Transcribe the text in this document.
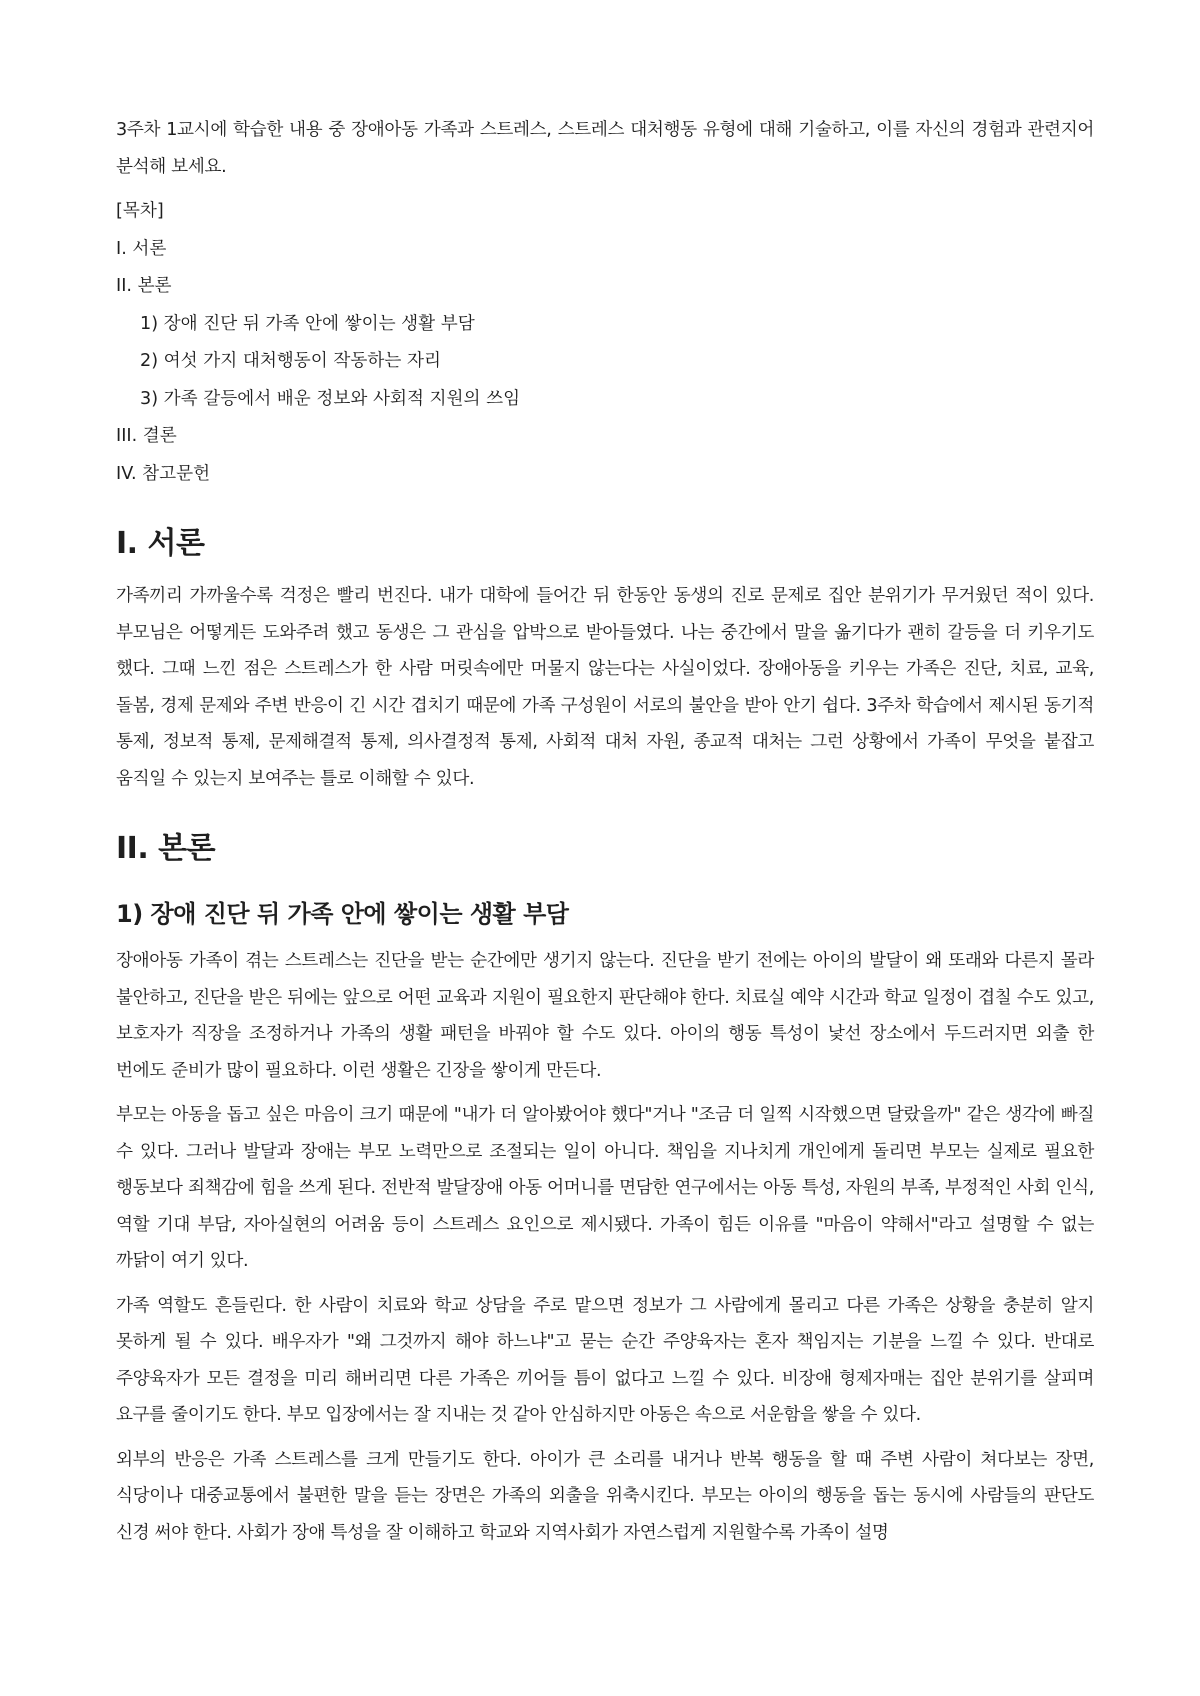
3주차 1교시에 학습한 내용 중 장애아동 가족과 스트레스, 스트레스 대처행동 유형에 대해 기술하고, 이를 자신의 경험과 관련지어 분석해 보세요.

[목차]
I. 서론
II. 본론
1) 장애 진단 뒤 가족 안에 쌓이는 생활 부담
2) 여섯 가지 대처행동이 작동하는 자리
3) 가족 갈등에서 배운 정보와 사회적 지원의 쓰임
III. 결론
IV. 참고문헌
I. 서론

가족끼리 가까울수록 걱정은 빨리 번진다. 내가 대학에 들어간 뒤 한동안 동생의 진로 문제로 집안 분위기가 무거웠던 적이 있다. 부모님은 어떻게든 도와주려 했고 동생은 그 관심을 압박으로 받아들였다. 나는 중간에서 말을 옮기다가 괜히 갈등을 더 키우기도 했다. 그때 느낀 점은 스트레스가 한 사람 머릿속에만 머물지 않는다는 사실이었다. 장애아동을 키우는 가족은 진단, 치료, 교육, 돌봄, 경제 문제와 주변 반응이 긴 시간 겹치기 때문에 가족 구성원이 서로의 불안을 받아 안기 쉽다. 3주차 학습에서 제시된 동기적 통제, 정보적 통제, 문제해결적 통제, 의사결정적 통제, 사회적 대처 자원, 종교적 대처는 그런 상황에서 가족이 무엇을 붙잡고 움직일 수 있는지 보여주는 틀로 이해할 수 있다.

II. 본론
1) 장애 진단 뒤 가족 안에 쌓이는 생활 부담

장애아동 가족이 겪는 스트레스는 진단을 받는 순간에만 생기지 않는다. 진단을 받기 전에는 아이의 발달이 왜 또래와 다른지 몰라 불안하고, 진단을 받은 뒤에는 앞으로 어떤 교육과 지원이 필요한지 판단해야 한다. 치료실 예약 시간과 학교 일정이 겹칠 수도 있고, 보호자가 직장을 조정하거나 가족의 생활 패턴을 바꿔야 할 수도 있다. 아이의 행동 특성이 낯선 장소에서 두드러지면 외출 한 번에도 준비가 많이 필요하다. 이런 생활은 긴장을 쌓이게 만든다.

부모는 아동을 돕고 싶은 마음이 크기 때문에 "내가 더 알아봤어야 했다"거나 "조금 더 일찍 시작했으면 달랐을까" 같은 생각에 빠질 수 있다. 그러나 발달과 장애는 부모 노력만으로 조절되는 일이 아니다. 책임을 지나치게 개인에게 돌리면 부모는 실제로 필요한 행동보다 죄책감에 힘을 쓰게 된다. 전반적 발달장애 아동 어머니를 면담한 연구에서는 아동 특성, 자원의 부족, 부정적인 사회 인식, 역할 기대 부담, 자아실현의 어려움 등이 스트레스 요인으로 제시됐다. 가족이 힘든 이유를 "마음이 약해서"라고 설명할 수 없는 까닭이 여기 있다.

가족 역할도 흔들린다. 한 사람이 치료와 학교 상담을 주로 맡으면 정보가 그 사람에게 몰리고 다른 가족은 상황을 충분히 알지 못하게 될 수 있다. 배우자가 "왜 그것까지 해야 하느냐"고 묻는 순간 주양육자는 혼자 책임지는 기분을 느낄 수 있다. 반대로 주양육자가 모든 결정을 미리 해버리면 다른 가족은 끼어들 틈이 없다고 느낄 수 있다. 비장애 형제자매는 집안 분위기를 살피며 요구를 줄이기도 한다. 부모 입장에서는 잘 지내는 것 같아 안심하지만 아동은 속으로 서운함을 쌓을 수 있다.

외부의 반응은 가족 스트레스를 크게 만들기도 한다. 아이가 큰 소리를 내거나 반복 행동을 할 때 주변 사람이 쳐다보는 장면, 식당이나 대중교통에서 불편한 말을 듣는 장면은 가족의 외출을 위축시킨다. 부모는 아이의 행동을 돕는 동시에 사람들의 판단도 신경 써야 한다. 사회가 장애 특성을 잘 이해하고 학교와 지역사회가 자연스럽게 지원할수록 가족이 설명
